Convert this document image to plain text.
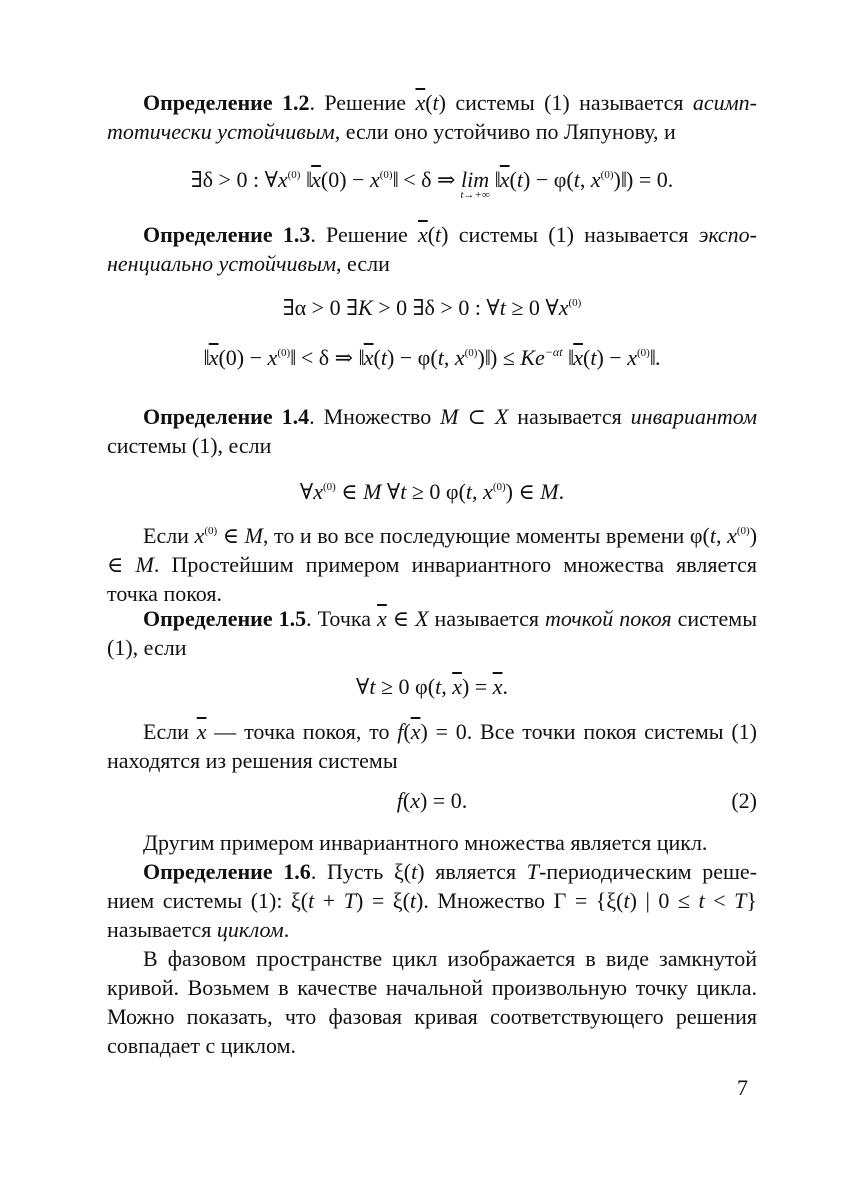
Определение 1.2. Решение $\overline{x}(t)$ системы (1) называется асимп-тотически устойчивым, если оно устойчиво по Ляпунову, и

∃δ > 0 : $\forall x^{(0)}$ $‖\overline{x}(0)$ − $x^{(0)}‖ < \delta$ ⇒ lim
t→+∞
$‖\overline{x}(t) - \varphi(t$, $x^{(0)})‖) = 0$.

Определение 1.3. Решение $\overline{x}(t)$ системы (1) называется экспо-ненциально устойчивым, если

∃α > 0 ∃K > 0 ∃δ > 0 : ∀t ≥ 0 $\forall x^{(0)}$
$‖\overline{x}(0)$ − $x^{(0)}‖ < \delta$ ⇒ $‖\overline{x}(t) - \varphi(t$, $x^{(0)})‖) \le Ke^{-\alpha t}$ $‖\overline{x}(t)$ − $x^{(0)}‖$.

Определение 1.4. Множество M ⊂ X называется инвариантом системы (1), если

$\forall x^{(0)}$ ∈ M ∀t ≥ 0 φ(t, $x^{(0)}$) ∈ M.

Если $x^{(0)}$ ∈ M, то и во все последующие моменты времени φ(t, $x^{(0)}$) ∈ M. Простейшим примером инвариантного множества является точка покоя.

Определение 1.5. Точка $\overline{x}$ ∈ X называется точкой покоя системы (1), если

∀t ≥ 0 φ(t, $\overline{x}) = \overline{x}$.

Если $\overline{x}$ — точка покоя, то $f(\overline{x}) = 0$. Все точки покоя системы (1) находятся из решения системы

f(x) = 0.	(2)

Другим примером инвариантного множества является цикл.

Определение 1.6. Пусть ξ(t) является T-периодическим реше-нием системы (1): ξ(t + T) = ξ(t). Множество Γ = {ξ(t) | 0 ≤ t < T} называется циклом.

В фазовом пространстве цикл изображается в виде замкнутой кривой. Возьмем в качестве начальной произвольную точку цикла. Можно показать, что фазовая кривая соответствующего решения совпадает с циклом.

7
